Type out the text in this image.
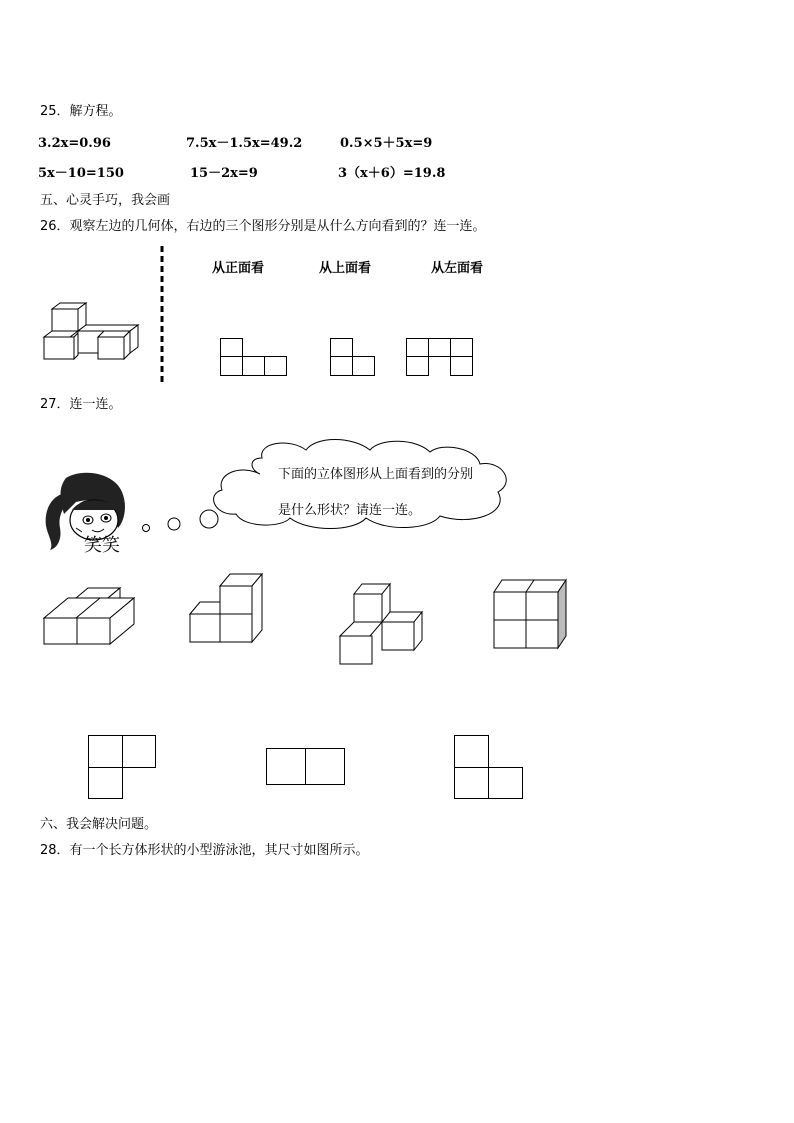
25．解方程。
3.2x=0.96	7.5x－1.5x=49.2	0.5×5＋5x=9
5x－10=150	15－2x=9	3（x＋6）=19.8
五、心灵手巧，我会画
26．观察左边的几何体，右边的三个图形分别是从什么方向看到的？连一连。
从正面看	从上面看	从左面看
27．连一连。
笑笑
下面的立体图形从上面看到的分别
是什么形状？请连一连。
六、我会解决问题。
28．有一个长方体形状的小型游泳池，其尺寸如图所示。
